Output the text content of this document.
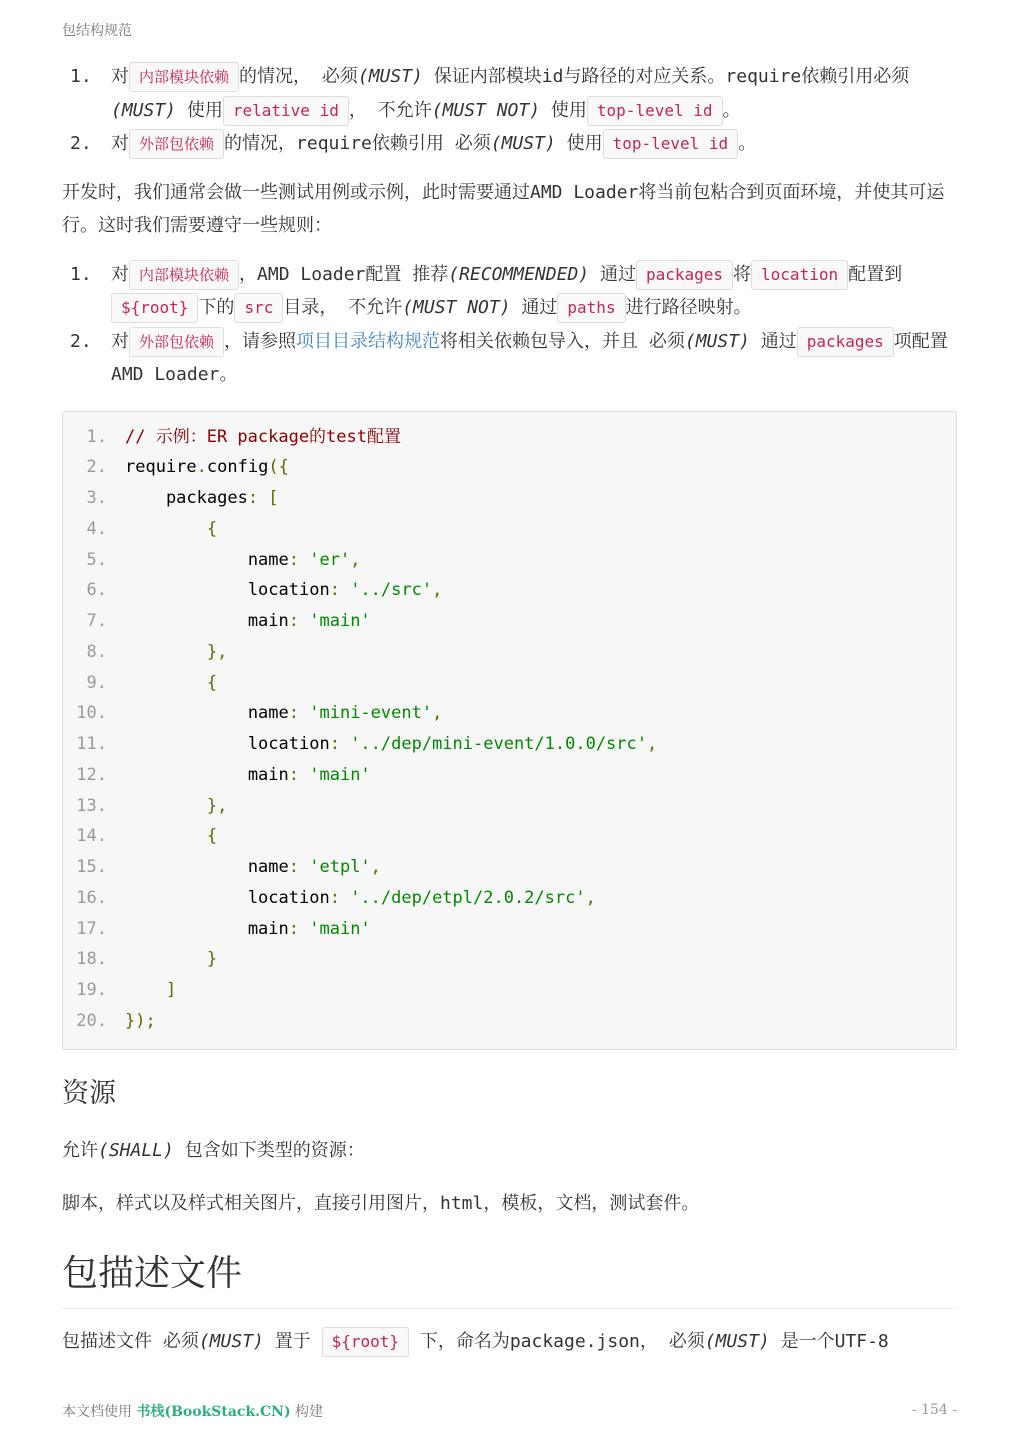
包结构规范
1.	对 内部模块依赖 的情况， 必须(MUST) 保证内部模块id与路径的对应关系。require依赖引用必须(MUST) 使用 relative id ， 不允许(MUST NOT) 使用 top-level id 。
2.	对 外部包依赖 的情况，require依赖引用 必须(MUST) 使用 top-level id 。

开发时，我们通常会做一些测试用例或示例，此时需要通过AMD Loader将当前包粘合到页面环境，并使其可运行。这时我们需要遵守一些规则：

1.	对 内部模块依赖 ，AMD Loader配置 推荐(RECOMMENDED) 通过 packages 将 location 配置到${root} 下的 src 目录， 不允许(MUST NOT) 通过 paths 进行路径映射。
2.	对 外部包依赖 ，请参照项目目录结构规范将相关依赖包导入，并且 必须(MUST) 通过 packages 项配置AMD Loader。
1. // 示例：ER package的test配置
2. require.config({
3. packages: [
4. {
5. name: 'er',
6. location: '../src',
7. main: 'main'
8. },
9. {
10. name: 'mini-event',
11. location: '../dep/mini-event/1.0.0/src',
12. main: 'main'
13. },
14. {
15. name: 'etpl',
16. location: '../dep/etpl/2.0.2/src',
17. main: 'main'
18. }
19. ]
20. });
资源

允许(SHALL) 包含如下类型的资源：

脚本，样式以及样式相关图片，直接引用图片，html，模板，文档，测试套件。

包描述文件

包描述文件 必须(MUST) 置于 ${root} 下，命名为package.json， 必须(MUST) 是一个UTF-8

本文档使用 书栈(BookStack.CN) 构建	- 154 -
